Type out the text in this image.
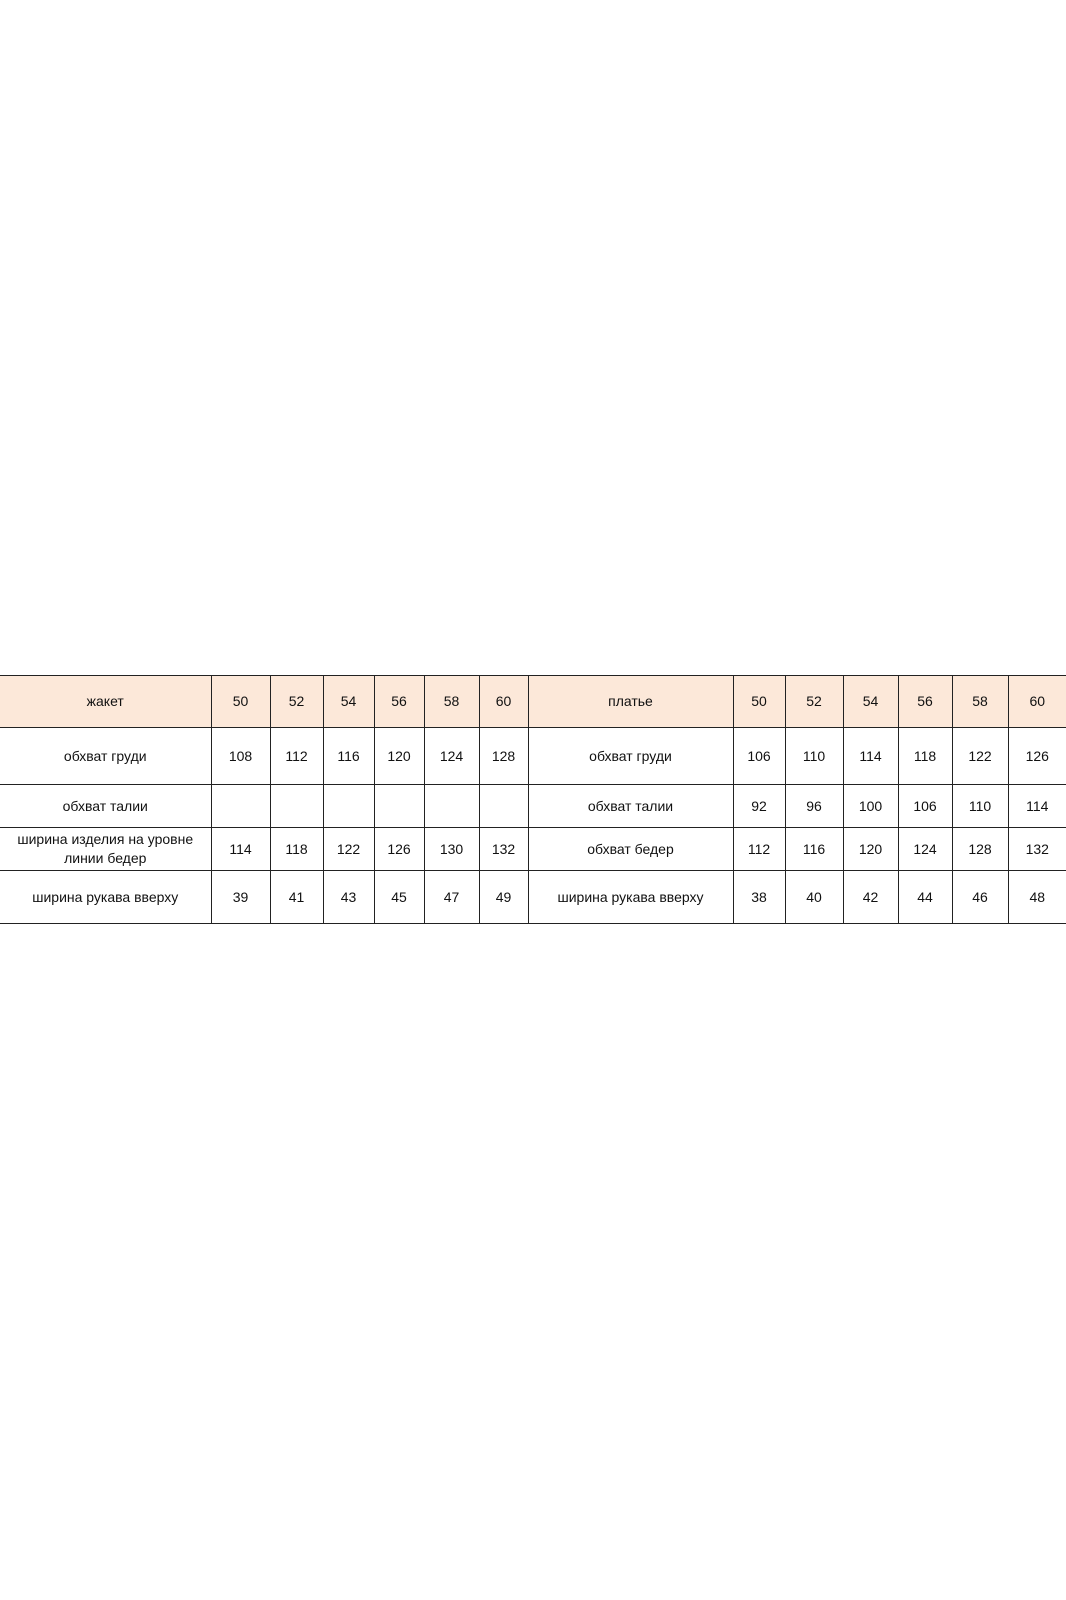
жакет	50	52	54	56	58	60	платье	50	52	54	56	58	60
обхват груди	108	112	116	120	124	128	обхват груди	106	110	114	118	122	126
обхват талии							обхват талии	92	96	100	106	110	114
ширина изделия на уровне линии бедер	114	118	122	126	130	132	обхват бедер	112	116	120	124	128	132
ширина рукава вверху	39	41	43	45	47	49	ширина рукава вверху	38	40	42	44	46	48
